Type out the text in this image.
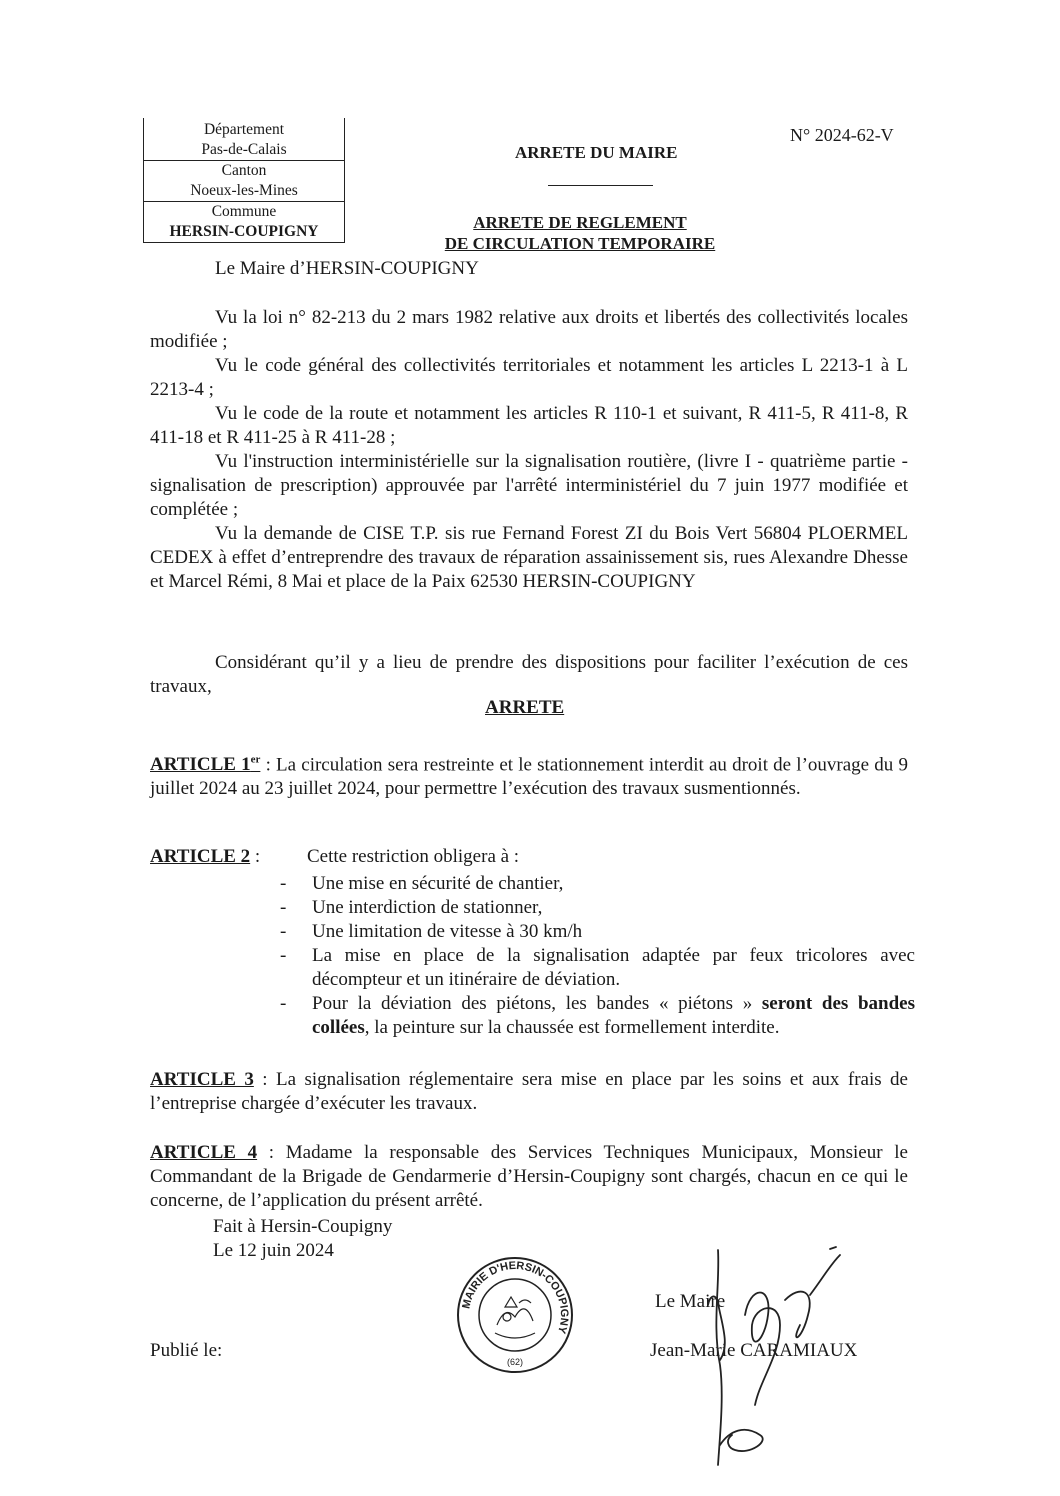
Département
Pas-de-Calais
Canton
Noeux-les-Mines
Commune
HERSIN-COUPIGNY
N° 2024-62-V
ARRETE DU MAIRE
ARRETE DE REGLEMENT
DE CIRCULATION TEMPORAIRE
Le Maire d’HERSIN-COUPIGNY
Vu la loi n° 82-213 du 2 mars 1982 relative aux droits et libertés des collectivités locales modifiée ;
Vu le code général des collectivités territoriales et notamment les articles L 2213-1 à L 2213-4 ;
Vu le code de la route et notamment les articles R 110-1 et suivant, R 411-5, R 411-8, R 411-18 et R 411-25 à R 411-28 ;
Vu l'instruction interministérielle sur la signalisation routière, (livre I - quatrième partie - signalisation de prescription) approuvée par l'arrêté interministériel du 7 juin 1977 modifiée et complétée ;
Vu la demande de CISE T.P. sis rue Fernand Forest ZI du Bois Vert 56804 PLOERMEL CEDEX à effet d’entreprendre des travaux de réparation assainissement sis, rues Alexandre Dhesse et Marcel Rémi, 8 Mai et place de la Paix 62530 HERSIN-COUPIGNY
Considérant qu’il y a lieu de prendre des dispositions pour faciliter l’exécution de ces travaux,
ARRETE
ARTICLE 1er : La circulation sera restreinte et le stationnement interdit au droit de l’ouvrage du 9 juillet 2024 au 23 juillet 2024, pour permettre l’exécution des travaux susmentionnés.
ARTICLE 2 : Cette restriction obligera à :
-	Une mise en sécurité de chantier,
-	Une interdiction de stationner,
-	Une limitation de vitesse à 30 km/h
-	La mise en place de la signalisation adaptée par feux tricolores avec décompteur et un itinéraire de déviation.
-	Pour la déviation des piétons, les bandes « piétons » seront des bandes collées, la peinture sur la chaussée est formellement interdite.
ARTICLE 3 : La signalisation réglementaire sera mise en place par les soins et aux frais de l’entreprise chargée d’exécuter les travaux.
ARTICLE 4 : Madame la responsable des Services Techniques Municipaux, Monsieur le Commandant de la Brigade de Gendarmerie d’Hersin-Coupigny sont chargés, chacun en ce qui le concerne, de l’application du présent arrêté.
Fait à Hersin-Coupigny
Le 12 juin 2024
Publié le:
Le Maire
Jean-Marie CARAMIAUX
MAIRIE D'HERSIN-COUPIGNY
(62)
